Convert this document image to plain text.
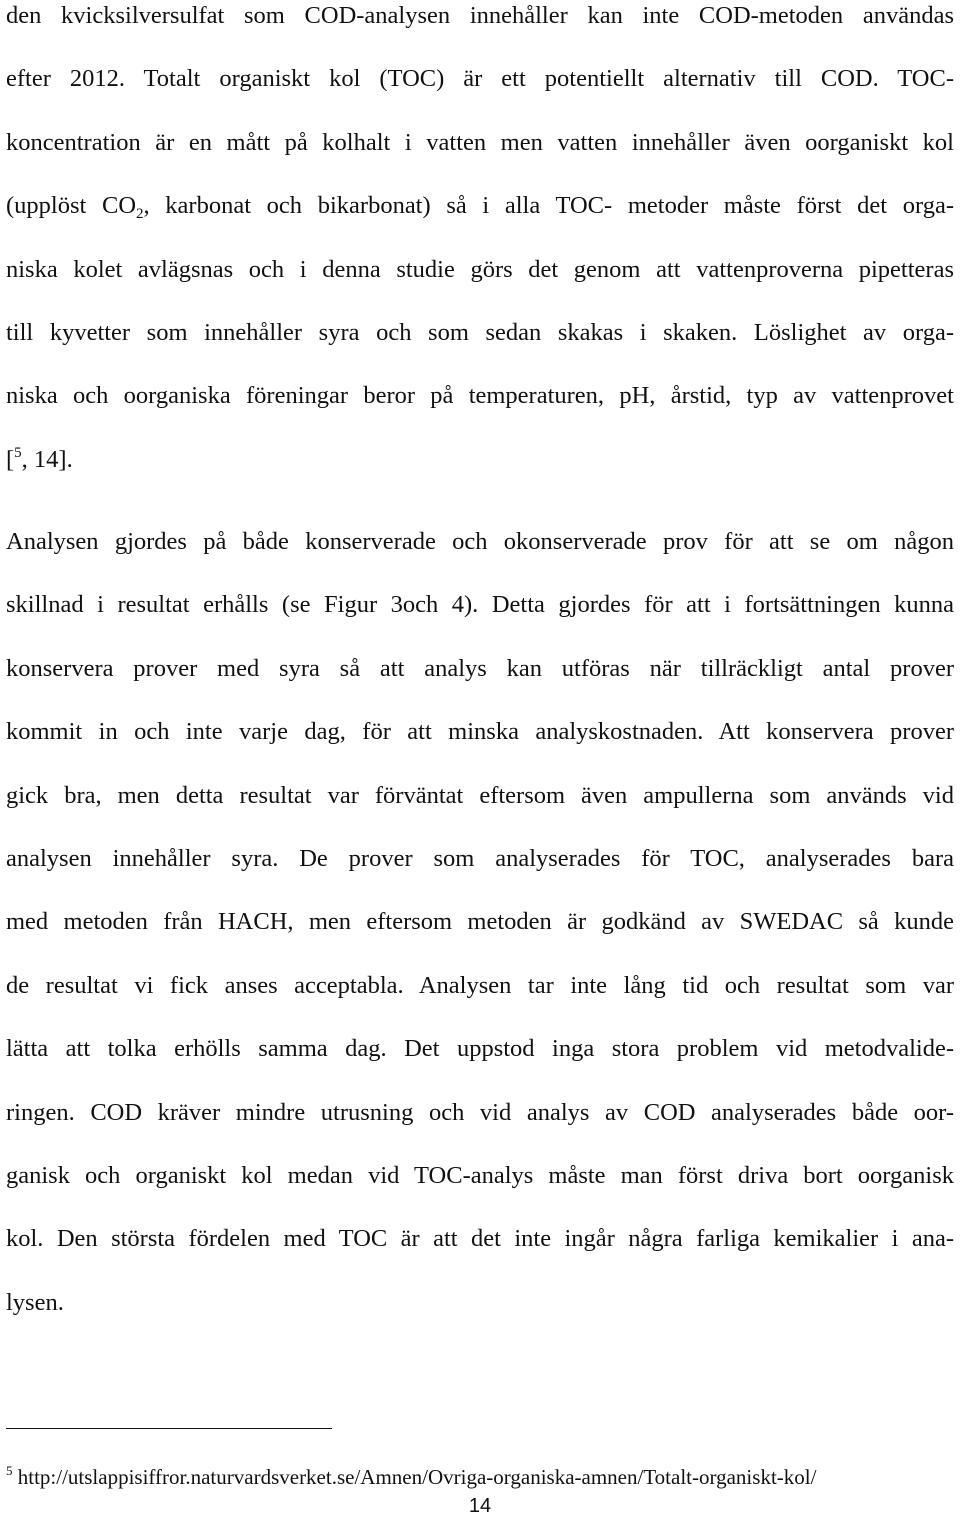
den kvicksilversulfat som COD-analysen innehåller kan inte COD-metoden användas
efter 2012. Totalt organiskt kol (TOC) är ett potentiellt alternativ till COD. TOC-
koncentration är en mått på kolhalt i vatten men vatten innehåller även oorganiskt kol
(upplöst $CO_2$, karbonat och bikarbonat) så i alla TOC- metoder måste först det orga-
niska kolet avlägsnas och i denna studie görs det genom att vattenproverna pipetteras
till kyvetter som innehåller syra och som sedan skakas i skaken. Löslighet av orga-
niska och oorganiska föreningar beror på temperaturen, pH, årstid, typ av vattenprovet
[$^5$, 14].
Analysen gjordes på både konserverade och okonserverade prov för att se om någon
skillnad i resultat erhålls (se Figur 3och 4). Detta gjordes för att i fortsättningen kunna
konservera prover med syra så att analys kan utföras när tillräckligt antal prover
kommit in och inte varje dag, för att minska analyskostnaden. Att konservera prover
gick bra, men detta resultat var förväntat eftersom även ampullerna som används vid
analysen innehåller syra. De prover som analyserades för TOC, analyserades bara
med metoden från HACH, men eftersom metoden är godkänd av SWEDAC så kunde
de resultat vi fick anses acceptabla. Analysen tar inte lång tid och resultat som var
lätta att tolka erhölls samma dag. Det uppstod inga stora problem vid metodvalide-
ringen. COD kräver mindre utrusning och vid analys av COD analyserades både oor-
ganisk och organiskt kol medan vid TOC-analys måste man först driva bort oorganisk
kol. Den största fördelen med TOC är att det inte ingår några farliga kemikalier i ana-
lysen.
$^5$ http://utslappisiffror.naturvardsverket.se/Amnen/Ovriga-organiska-amnen/Totalt-organiskt-kol/
14
